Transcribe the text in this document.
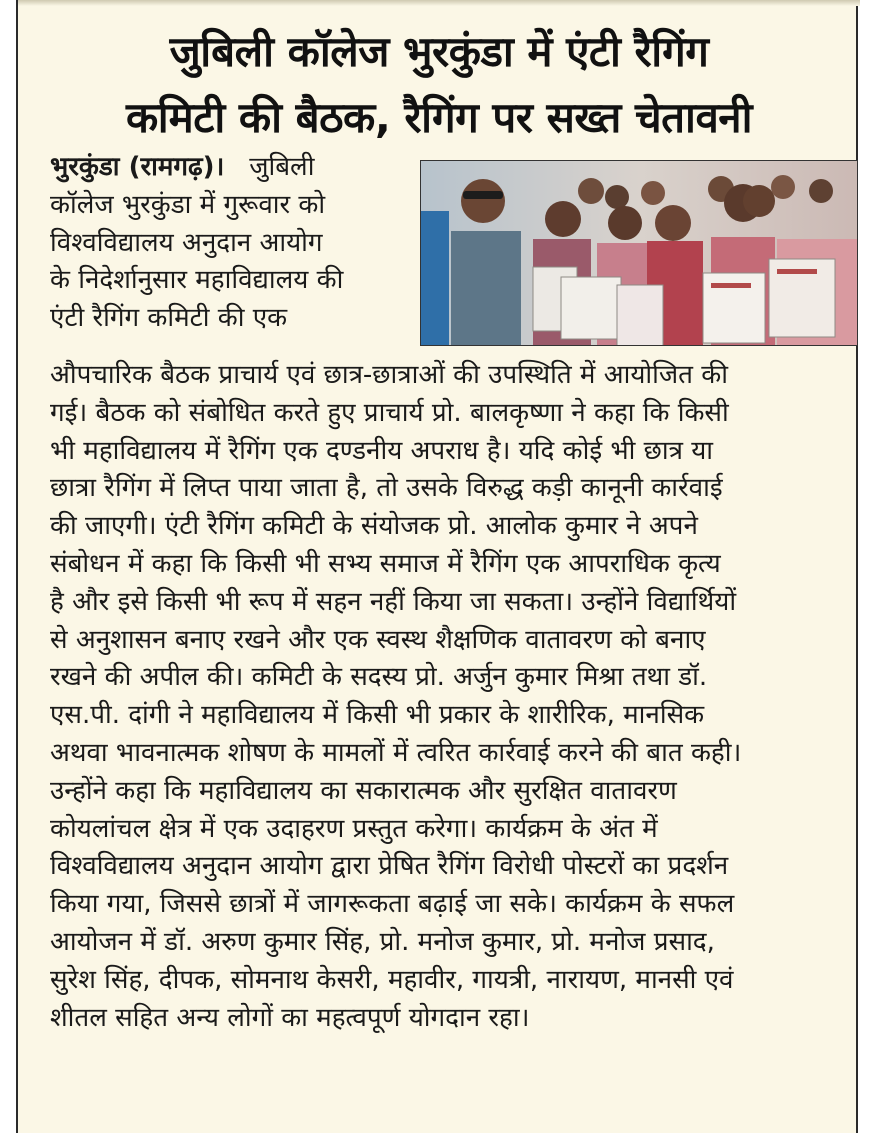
जुबिली कॉलेज भुरकुंडा में एंटी रैगिंग
कमिटी की बैठक, रैगिंग पर सख्त चेतावनी
भुरकुंडा (रामगढ़)। जुबिली
कॉलेज भुरकुंडा में गुरूवार को
विश्वविद्यालय अनुदान आयोग
के निदेर्शानुसार महाविद्यालय की
एंटी रैगिंग कमिटी की एक
औपचारिक बैठक प्राचार्य एवं छात्र-छात्राओं की उपस्थिति में आयोजित की
गई। बैठक को संबोधित करते हुए प्राचार्य प्रो. बालकृष्णा ने कहा कि किसी
भी महाविद्यालय में रैगिंग एक दण्डनीय अपराध है। यदि कोई भी छात्र या
छात्रा रैगिंग में लिप्त पाया जाता है, तो उसके विरुद्ध कड़ी कानूनी कार्रवाई
की जाएगी। एंटी रैगिंग कमिटी के संयोजक प्रो. आलोक कुमार ने अपने
संबोधन में कहा कि किसी भी सभ्य समाज में रैगिंग एक आपराधिक कृत्य
है और इसे किसी भी रूप में सहन नहीं किया जा सकता। उन्होंने विद्यार्थियों
से अनुशासन बनाए रखने और एक स्वस्थ शैक्षणिक वातावरण को बनाए
रखने की अपील की। कमिटी के सदस्य प्रो. अर्जुन कुमार मिश्रा तथा डॉ.
एस.पी. दांगी ने महाविद्यालय में किसी भी प्रकार के शारीरिक, मानसिक
अथवा भावनात्मक शोषण के मामलों में त्वरित कार्रवाई करने की बात कही।
उन्होंने कहा कि महाविद्यालय का सकारात्मक और सुरक्षित वातावरण
कोयलांचल क्षेत्र में एक उदाहरण प्रस्तुत करेगा। कार्यक्रम के अंत में
विश्वविद्यालय अनुदान आयोग द्वारा प्रेषित रैगिंग विरोधी पोस्टरों का प्रदर्शन
किया गया, जिससे छात्रों में जागरूकता बढ़ाई जा सके। कार्यक्रम के सफल
आयोजन में डॉ. अरुण कुमार सिंह, प्रो. मनोज कुमार, प्रो. मनोज प्रसाद,
सुरेश सिंह, दीपक, सोमनाथ केसरी, महावीर, गायत्री, नारायण, मानसी एवं
शीतल सहित अन्य लोगों का महत्वपूर्ण योगदान रहा।
